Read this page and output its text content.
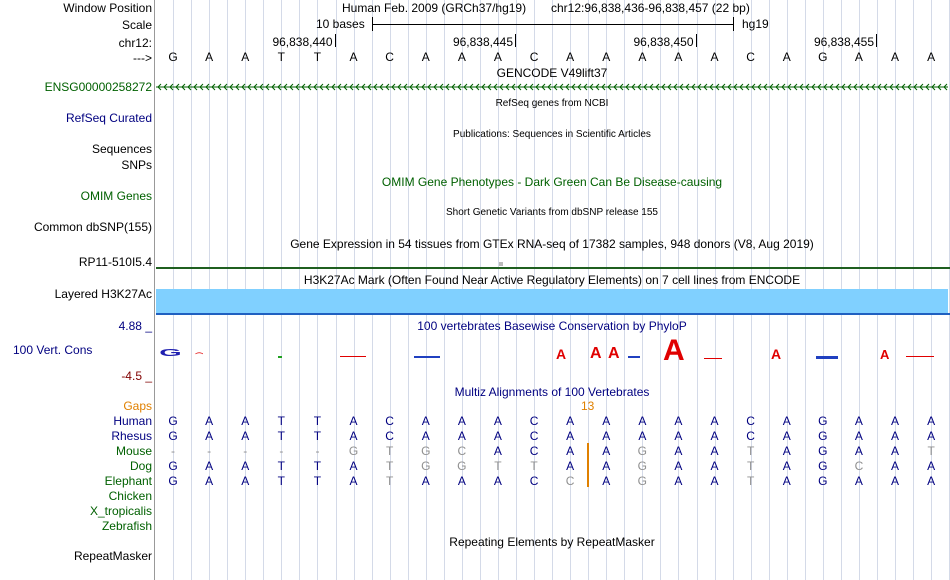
Window Position	Human Feb. 2009 (GRCh37/hg19) chr12:96,838,436-96,838,457 (22 bp)
Scale	10 bases	hg19
chr12:	96,838,440	96,838,445	96,838,450	96,838,455
--->	G	A	A	T	T	A	C	A	A	A	C	A	A	A	A	A	C	A	G	A	A	A
GENCODE V49lift37
ENSG00000258272
RefSeq genes from NCBI
RefSeq Curated
Publications: Sequences in Scientific Articles
Sequences
SNPs
OMIM Gene Phenotypes - Dark Green Can Be Disease-causing
OMIM Genes
Short Genetic Variants from dbSNP release 155
Common dbSNP(155)
Gene Expression in 54 tissues from GTEx RNA-seq of 17382 samples, 948 donors (V8, Aug 2019)
RP11-510I5.4
H3K27Ac Mark (Often Found Near Active Regulatory Elements) on 7 cell lines from ENCODE
Layered H3K27Ac
100 vertebrates Basewise Conservation by PhyloP
4.88 _
100 Vert. Cons
-4.5 _
G ⁀	A A A A	A	A
Multiz Alignments of 100 Vertebrates
Gaps	13
Human	G	A	A	T	T	A	C	A	A	A	C	A	A	A	A	A	C	A	G	A	A	A
Rhesus	G	A	A	T	T	A	C	A	A	A	C	A	A	A	A	A	C	A	G	A	A	A
Mouse	-	-	-	-	-	G	T	G	C	A	C	A	A	G	A	A	T	A	G	A	A	T
Dog	G	A	A	T	T	A	T	G	G	T	T	A	A	G	A	A	T	A	G	C	A	A
Elephant	G	A	A	T	T	A	T	A	A	A	C	C	A	G	A	A	T	A	G	A	A	A
Chicken
X_tropicalis
Zebrafish
Repeating Elements by RepeatMasker
RepeatMasker
